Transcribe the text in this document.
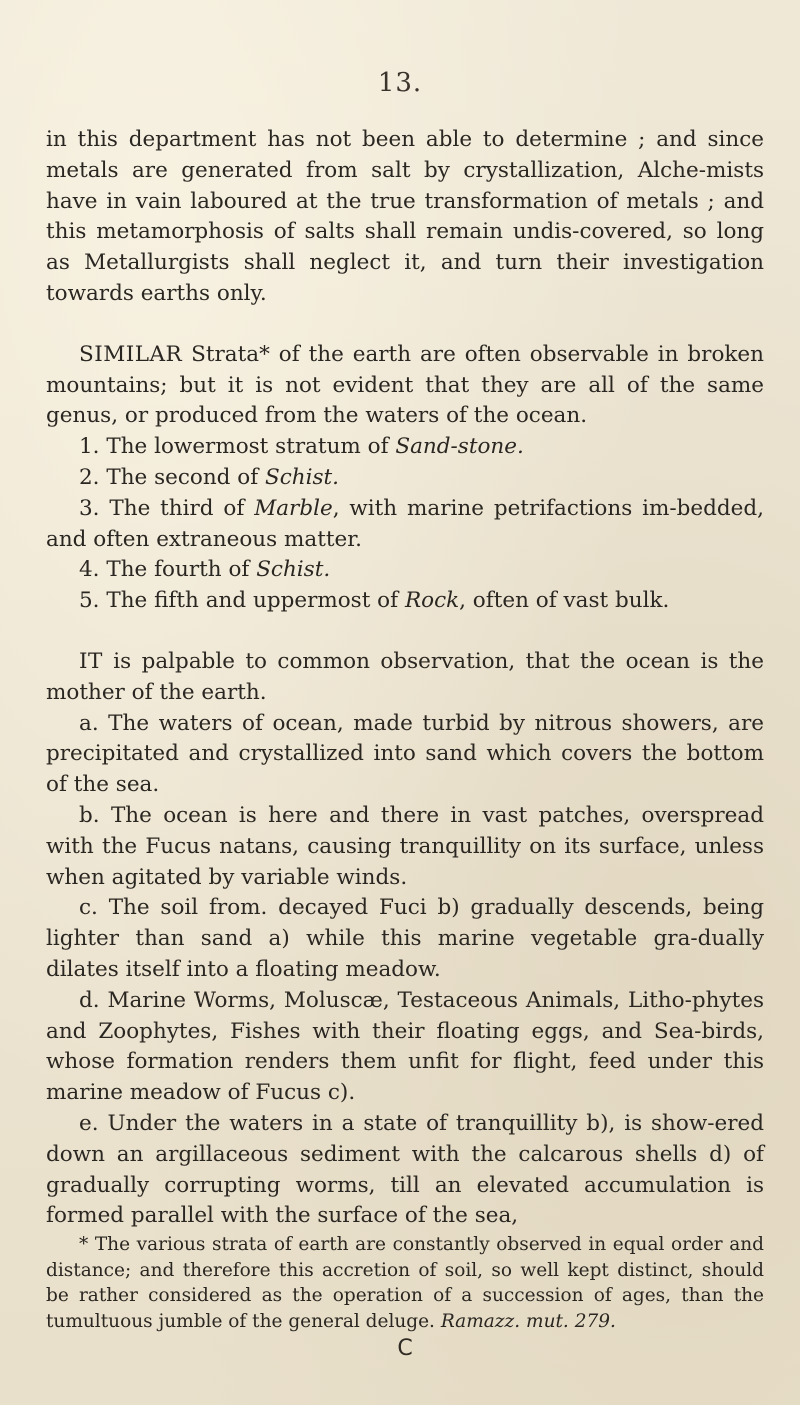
13.

in this department has not been able to determine ; and since metals are generated from salt by crystallization, Alche-mists have in vain laboured at the true transformation of metals ; and this metamorphosis of salts shall remain undis-covered, so long as Metallurgists shall neglect it, and turn their investigation towards earths only.

SIMILAR Strata* of the earth are often observable in broken mountains; but it is not evident that they are all of the same genus, or produced from the waters of the ocean.

1. The lowermost stratum of Sand-stone.

2. The second of Schist.

3. The third of Marble, with marine petrifactions im-bedded, and often extraneous matter.

4. The fourth of Schist.

5. The fifth and uppermost of Rock, often of vast bulk.

IT is palpable to common observation, that the ocean is the mother of the earth.

a. The waters of ocean, made turbid by nitrous showers, are precipitated and crystallized into sand which covers the bottom of the sea.

b. The ocean is here and there in vast patches, overspread with the Fucus natans, causing tranquillity on its surface, unless when agitated by variable winds.

c. The soil from. decayed Fuci b) gradually descends, being lighter than sand a) while this marine vegetable gra-dually dilates itself into a floating meadow.

d. Marine Worms, Moluscæ, Testaceous Animals, Litho-phytes and Zoophytes, Fishes with their floating eggs, and Sea-birds, whose formation renders them unfit for flight, feed under this marine meadow of Fucus c).

e. Under the waters in a state of tranquillity b), is show-ered down an argillaceous sediment with the calcarous shells d) of gradually corrupting worms, till an elevated accumulation is formed parallel with the surface of the sea,

* The various strata of earth are constantly observed in equal order and distance; and therefore this accretion of soil, so well kept distinct, should be rather considered as the operation of a succession of ages, than the tumultuous jumble of the general deluge. Ramazz. mut. 279.

C
